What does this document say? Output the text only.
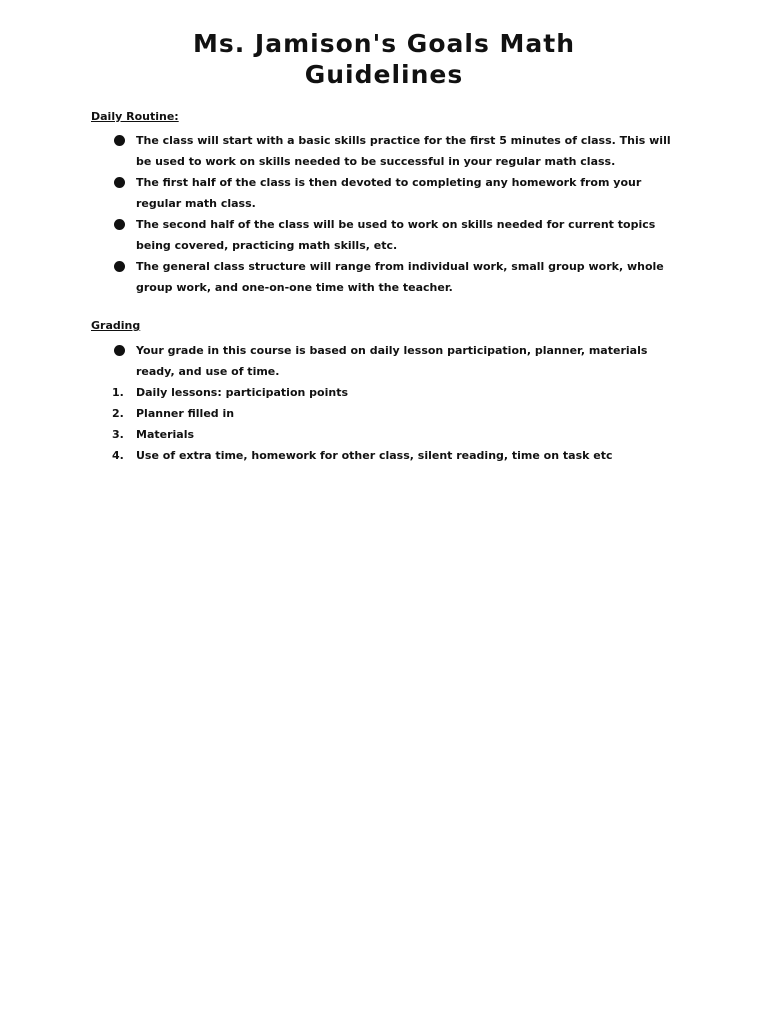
Ms. Jamison's Goals Math
Guidelines
Daily Routine:
The class will start with a basic skills practice for the first 5 minutes of class. This will be used to work on skills needed to be successful in your regular math class.
The first half of the class is then devoted to completing any homework from your regular math class.
The second half of the class will be used to work on skills needed for current topics being covered, practicing math skills, etc.
The general class structure will range from individual work, small group work, whole group work, and one-on-one time with the teacher.
Grading
Your grade in this course is based on daily lesson participation, planner, materials ready, and use of time.
1.	Daily lessons: participation points
2.	Planner filled in
3.	Materials
4.	Use of extra time, homework for other class, silent reading, time on task etc
